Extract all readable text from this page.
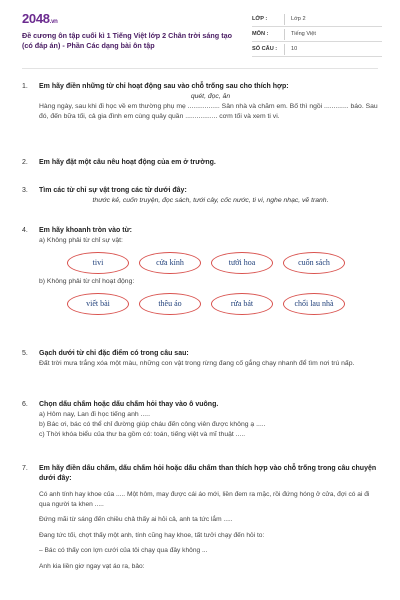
2048.vn
Đề cương ôn tập cuối kì 1 Tiếng Việt lớp 2 Chân trời sáng tạo (có đáp án) - Phần Các dạng bài ôn tập
LỚP :	Lớp 2
MÔN :	Tiếng Việt
SỐ CÂU :	10
1.	Em hãy điền những từ chỉ hoạt động sau vào chỗ trống sau cho thích hợp:
quét, đọc, ăn
Hàng ngày, sau khi đi học về em thường phụ mẹ ................. Sân nhà và chăm em. Bố thì ngồi ............. báo. Sau đó, đến bữa tối, cả gia đình em cùng quây quần ................. cơm tối và xem ti vi.
2.	Em hãy đặt một câu nêu hoạt động của em ở trường.
3.	Tìm các từ chỉ sự vật trong các từ dưới đây:
thước kẻ, cuốn truyện, đọc sách, tưới cây, cốc nước, ti vi, nghe nhạc, vẽ tranh.
4.	Em hãy khoanh tròn vào từ:
a) Không phải từ chỉ sự vật:
tivi	cửa kính	tưới hoa	cuốn sách
b) Không phải từ chỉ hoạt động:
viết bài	thêu áo	rửa bát	chổi lau nhà
5.	Gạch dưới từ chỉ đặc điểm có trong câu sau:
Đất trời mưa trắng xóa một màu, những con vật trong rừng đang cố gắng chạy nhanh để tìm nơi trú nấp.
6.	Chọn dấu chấm hoặc dấu chấm hỏi thay vào ô vuông.
a) Hôm nay, Lan đi học tiếng anh .....
b) Bác ơi, bác có thể chỉ đường giúp cháu đến công viên được không ạ .....
c) Thời khóa biểu của thư ba gồm có: toán, tiếng việt và mĩ thuật .....
7.	Em hãy điền dấu chấm, dấu chấm hỏi hoặc dấu chấm than thích hợp vào chỗ trống trong câu chuyện dưới đây:
Có anh tính hay khoe của ..... Một hôm, may được cái áo mới, liền đem ra mặc, rồi đứng hóng ở cửa, đợi có ai đi qua người ta khen .....
Đứng mãi từ sáng đến chiều chả thấy ai hỏi cả, anh ta tức lắm .....
Đang tức tối, chợt thấy một anh, tính cũng hay khoe, tất tưởi chạy đến hỏi to:
– Bác có thấy con lợn cưới của tôi chạy qua đây không ...
Anh kia liền giơ ngay vạt áo ra, bảo:
